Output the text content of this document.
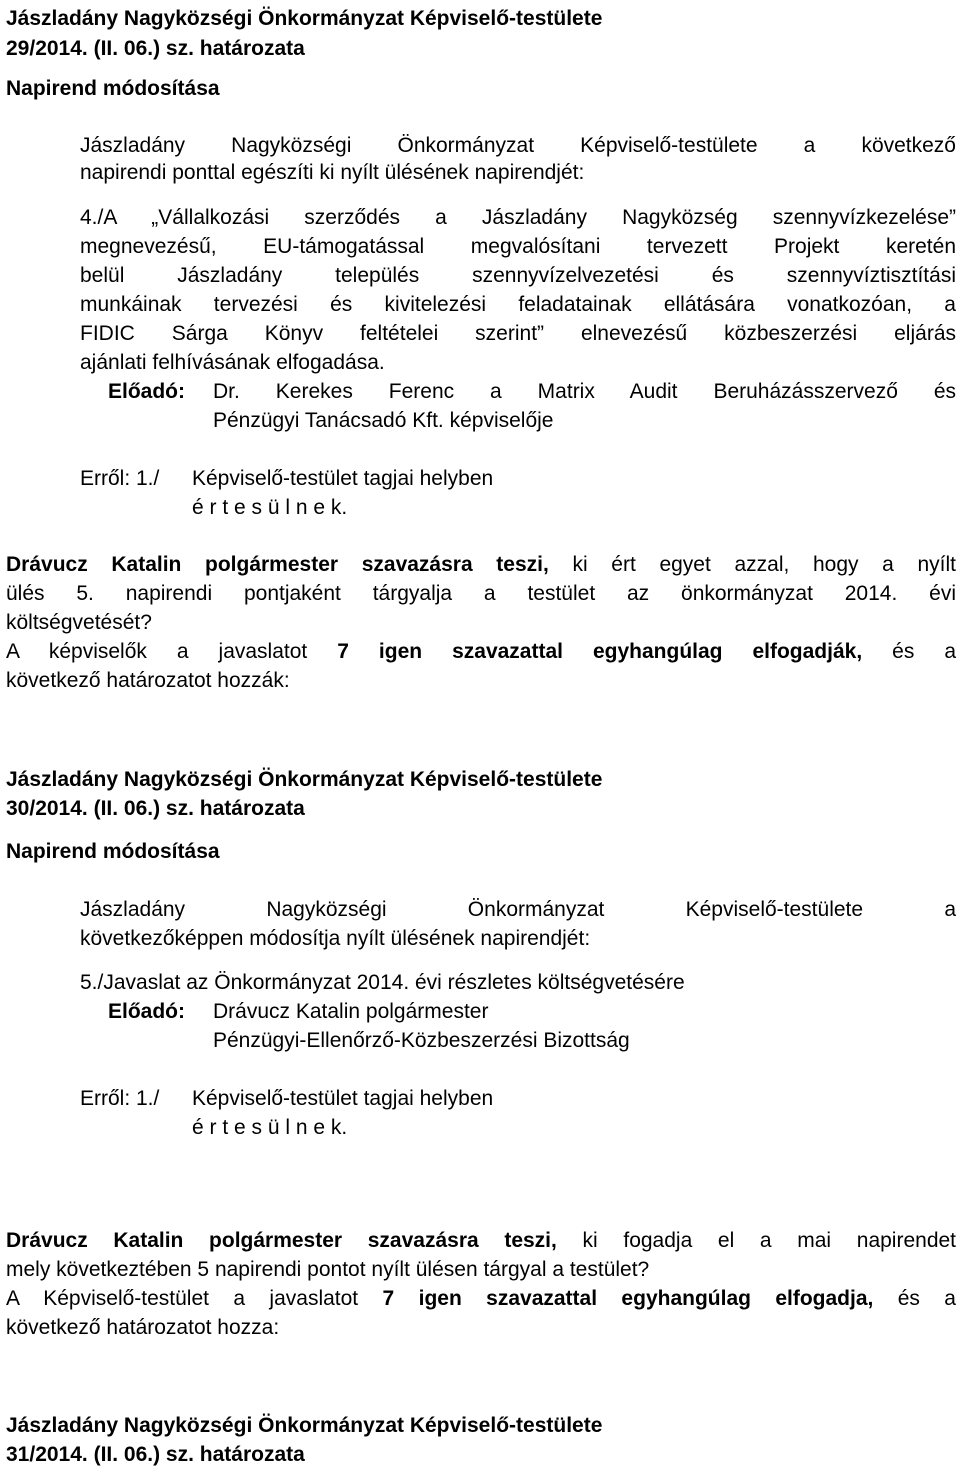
Jászladány Nagyközségi Önkormányzat Képviselő-testülete
29/2014. (II. 06.) sz. határozata
Napirend módosítása
Jászladány Nagyközségi Önkormányzat Képviselő-testülete a következő
napirendi ponttal egészíti ki nyílt ülésének napirendjét:
4./A „Vállalkozási szerződés a Jászladány Nagyközség szennyvízkezelése”
megnevezésű, EU-támogatással megvalósítani tervezett Projekt keretén
belül Jászladány település szennyvízelvezetési és szennyvíztisztítási
munkáinak tervezési és kivitelezési feladatainak ellátására vonatkozóan, a
FIDIC Sárga Könyv feltételei szerint” elnevezésű közbeszerzési eljárás
ajánlati felhívásának elfogadása.
Előadó: Dr. Kerekes Ferenc a Matrix Audit Beruházásszervező és
Pénzügyi Tanácsadó Kft. képviselője
Erről: 1./ Képviselő-testület tagjai helyben
é r t e s ü l n e k.
Drávucz Katalin polgármester szavazásra teszi, ki ért egyet azzal, hogy a nyílt
ülés 5. napirendi pontjaként tárgyalja a testület az önkormányzat 2014. évi
költségvetését?
A képviselők a javaslatot 7 igen szavazattal egyhangúlag elfogadják, és a
következő határozatot hozzák:
Jászladány Nagyközségi Önkormányzat Képviselő-testülete
30/2014. (II. 06.) sz. határozata
Napirend módosítása
Jászladány Nagyközségi Önkormányzat Képviselő-testülete a
következőképpen módosítja nyílt ülésének napirendjét:
5./Javaslat az Önkormányzat 2014. évi részletes költségvetésére
Előadó: Drávucz Katalin polgármester
Pénzügyi-Ellenőrző-Közbeszerzési Bizottság
Erről: 1./ Képviselő-testület tagjai helyben
é r t e s ü l n e k.
Drávucz Katalin polgármester szavazásra teszi, ki fogadja el a mai napirendet
mely következtében 5 napirendi pontot nyílt ülésen tárgyal a testület?
A Képviselő-testület a javaslatot 7 igen szavazattal egyhangúlag elfogadja, és a
következő határozatot hozza:
Jászladány Nagyközségi Önkormányzat Képviselő-testülete
31/2014. (II. 06.) sz. határozata
